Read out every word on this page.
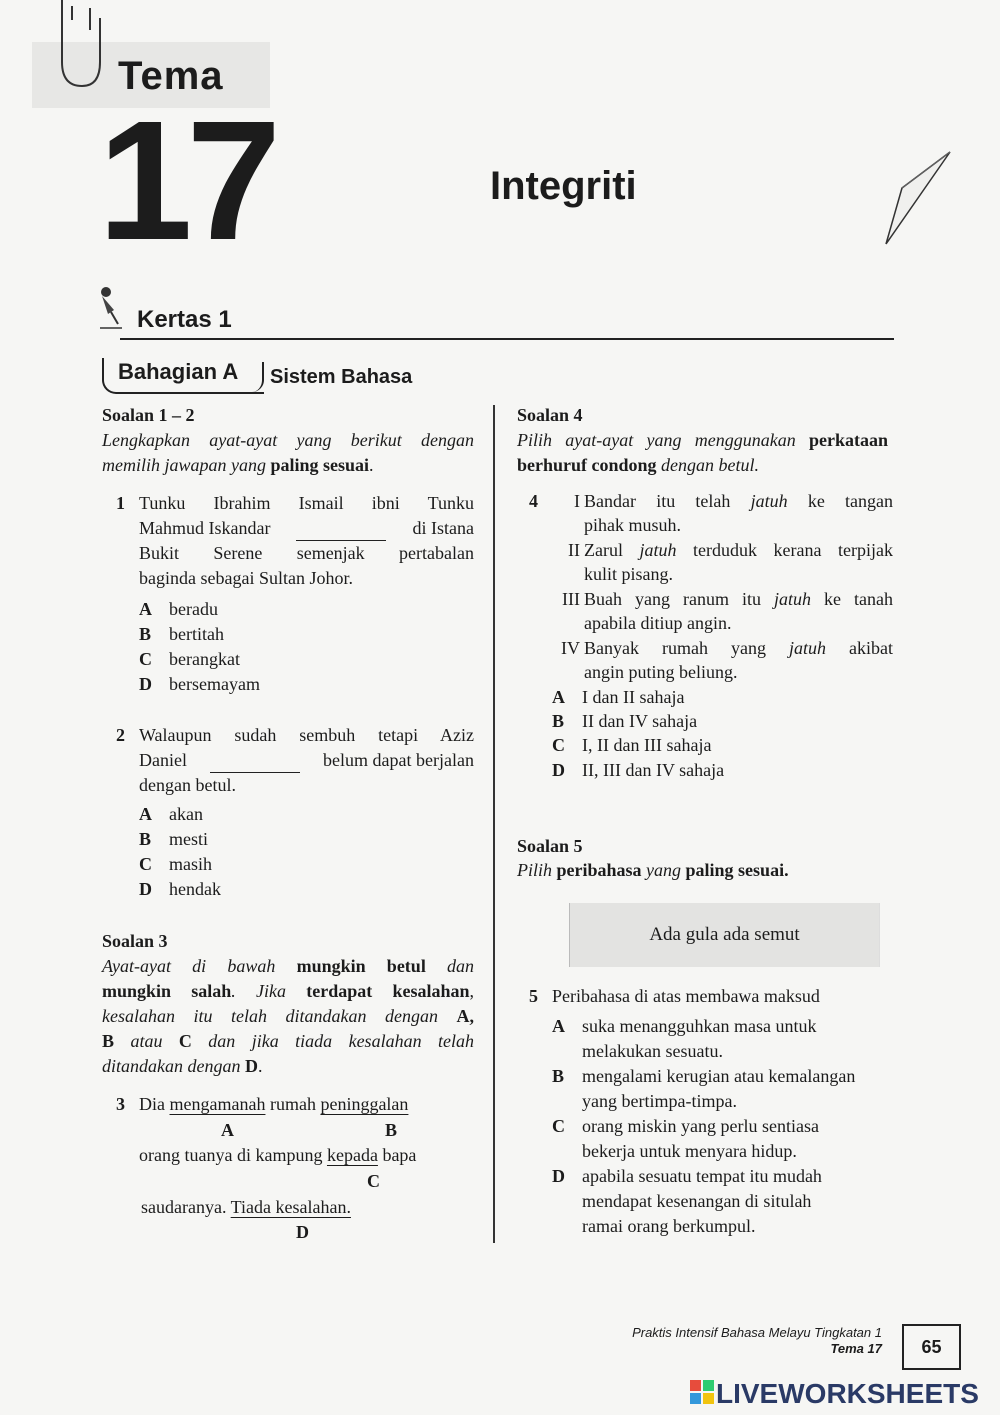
Tema
17	Integriti
Kertas 1
Bahagian A Sistem Bahasa
Soalan 1 – 2
Lengkapkan ayat-ayat yang berikut dengan
memilih jawapan yang paling sesuai.
1 Tunku Ibrahim Ismail ibni Tunku
Mahmud Iskandar	di Istana
Bukit Serene semenjak pertabalan
baginda sebagai Sultan Johor.
A beradu
B bertitah
C berangkat
D bersemayam
2 Walaupun sudah sembuh tetapi Aziz
Daniel	belum dapat berjalan
dengan betul.
A akan
B mesti
C masih
D hendak
Soalan 3
Ayat-ayat di bawah mungkin betul dan
mungkin salah. Jika terdapat kesalahan,
kesalahan itu telah ditandakan dengan A,
B atau C dan jika tiada kesalahan telah
ditandakan dengan D.
3 Dia mengamanah rumah peninggalan
A	B
orang tuanya di kampung kepada bapa
C
saudaranya. Tiada kesalahan.
D
Soalan 4
Pilih ayat-ayat yang menggunakan perkataan
berhuruf condong dengan betul.
4	I Bandar itu telah jatuh ke tangan
pihak musuh.
II Zarul jatuh terduduk kerana terpijak
kulit pisang.
III Buah yang ranum itu jatuh ke tanah
apabila ditiup angin.
IV Banyak rumah yang jatuh akibat
angin puting beliung.
A I dan II sahaja
B II dan IV sahaja
C I, II dan III sahaja
D II, III dan IV sahaja
Soalan 5
Pilih peribahasa yang paling sesuai.
Ada gula ada semut
5 Peribahasa di atas membawa maksud
A suka menangguhkan masa untuk
melakukan sesuatu.
B mengalami kerugian atau kemalangan
yang bertimpa-timpa.
C orang miskin yang perlu sentiasa
bekerja untuk menyara hidup.
D apabila sesuatu tempat itu mudah
mendapat kesenangan di situlah
ramai orang berkumpul.
Praktis Intensif Bahasa Melayu Tingkatan 1
Tema 17	65
LIVEWORKSHEETS
